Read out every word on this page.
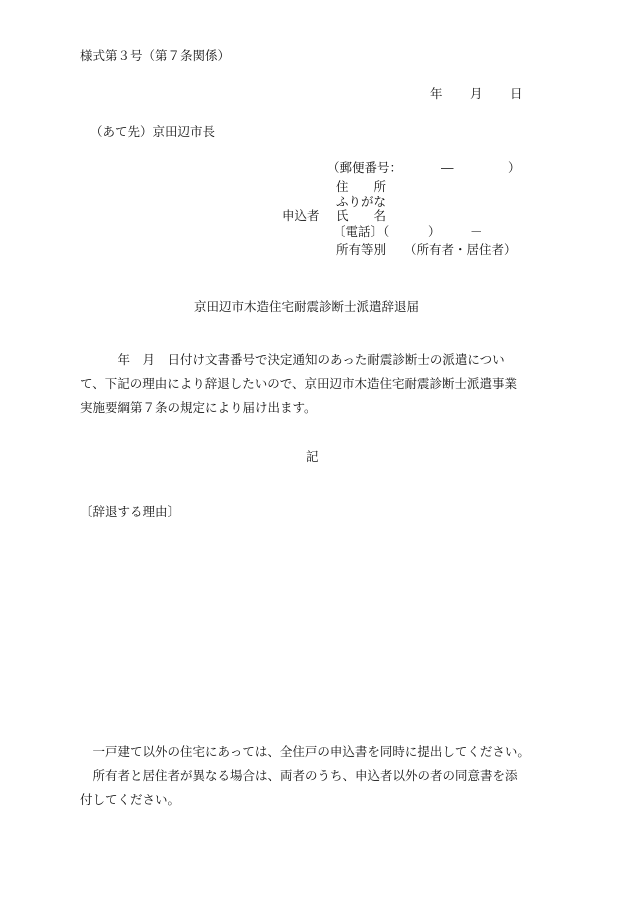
様式第３号（第７条関係）
年 月 日
（あて先）京田辺市長
（郵便番号：	―	）
住　　所
ふりがな
申込者 氏　　名
〔電話〕（	） －
所有等別 （所有者・居住者）
京田辺市木造住宅耐震診断士派遣辞退届
　　　年　月　日付け文書番号で決定通知のあった耐震診断士の派遣につい
て、下記の理由により辞退したいので、京田辺市木造住宅耐震診断士派遣事業
実施要綱第７条の規定により届け出ます。
記
〔辞退する理由〕
　一戸建て以外の住宅にあっては、全住戸の申込書を同時に提出してください。
　所有者と居住者が異なる場合は、両者のうち、申込者以外の者の同意書を添
付してください。
